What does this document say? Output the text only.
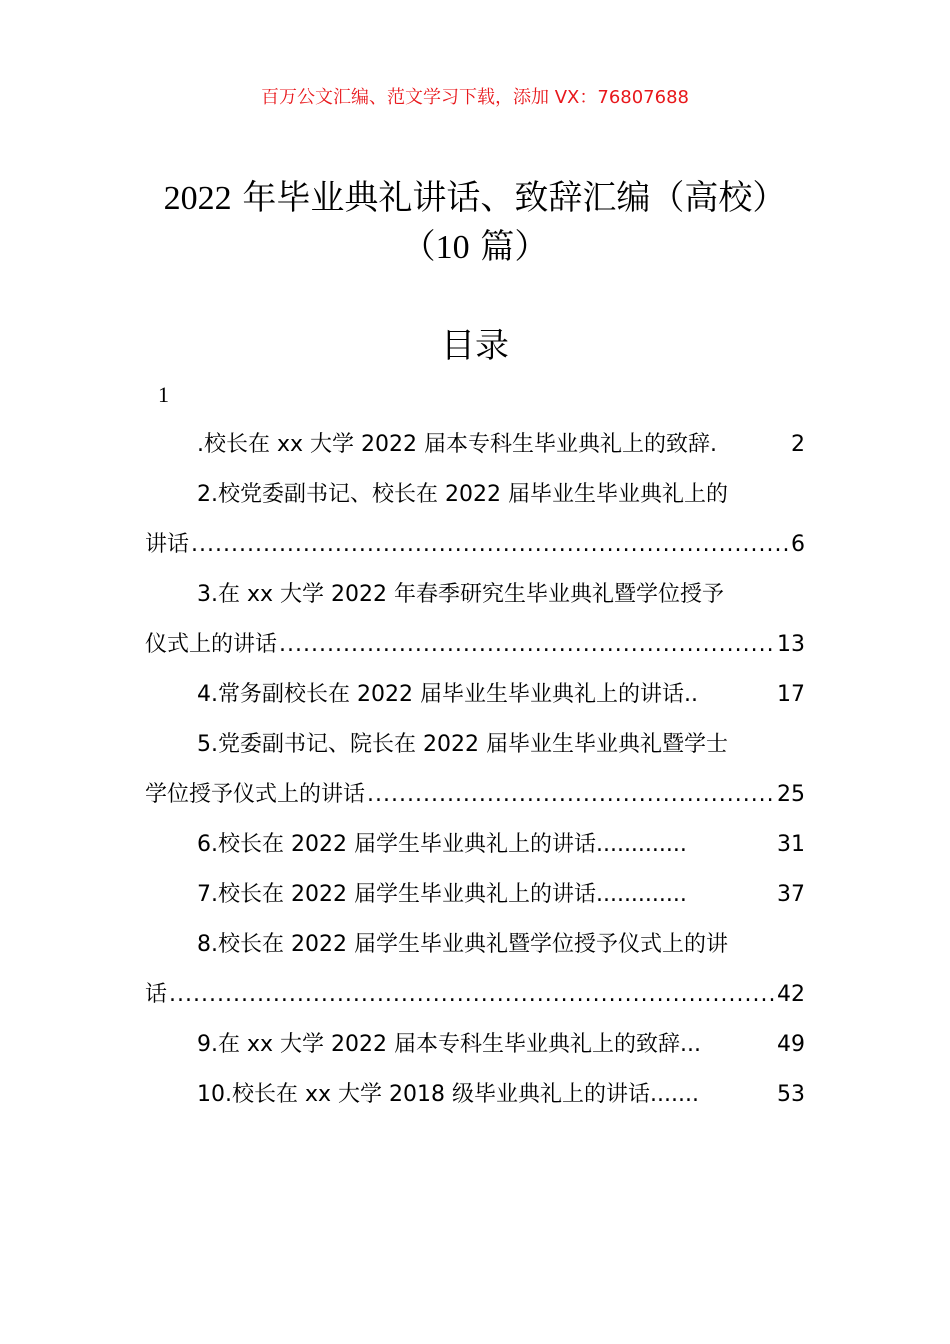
百万公文汇编、范文学习下载，添加 VX：76807688
2022 年毕业典礼讲话、致辞汇编（高校）
（10 篇）
目录
1
.校长在 xx 大学 2022 届本专科生毕业典礼上的致辞.	2
2.校党委副书记、校长在 2022 届毕业生毕业典礼上的
讲话 .....	6
3.在 xx 大学 2022 年春季研究生毕业典礼暨学位授予
仪式上的讲话 .....	13
4.常务副校长在 2022 届毕业生毕业典礼上的讲话..	17
5.党委副书记、院长在 2022 届毕业生毕业典礼暨学士
学位授予仪式上的讲话 .....	25
6.校长在 2022 届学生毕业典礼上的讲话.............	31
7.校长在 2022 届学生毕业典礼上的讲话.............	37
8.校长在 2022 届学生毕业典礼暨学位授予仪式上的讲
话 .....	42
9.在 xx 大学 2022 届本专科生毕业典礼上的致辞...	49
10.校长在 xx 大学 2018 级毕业典礼上的讲话.......	53
